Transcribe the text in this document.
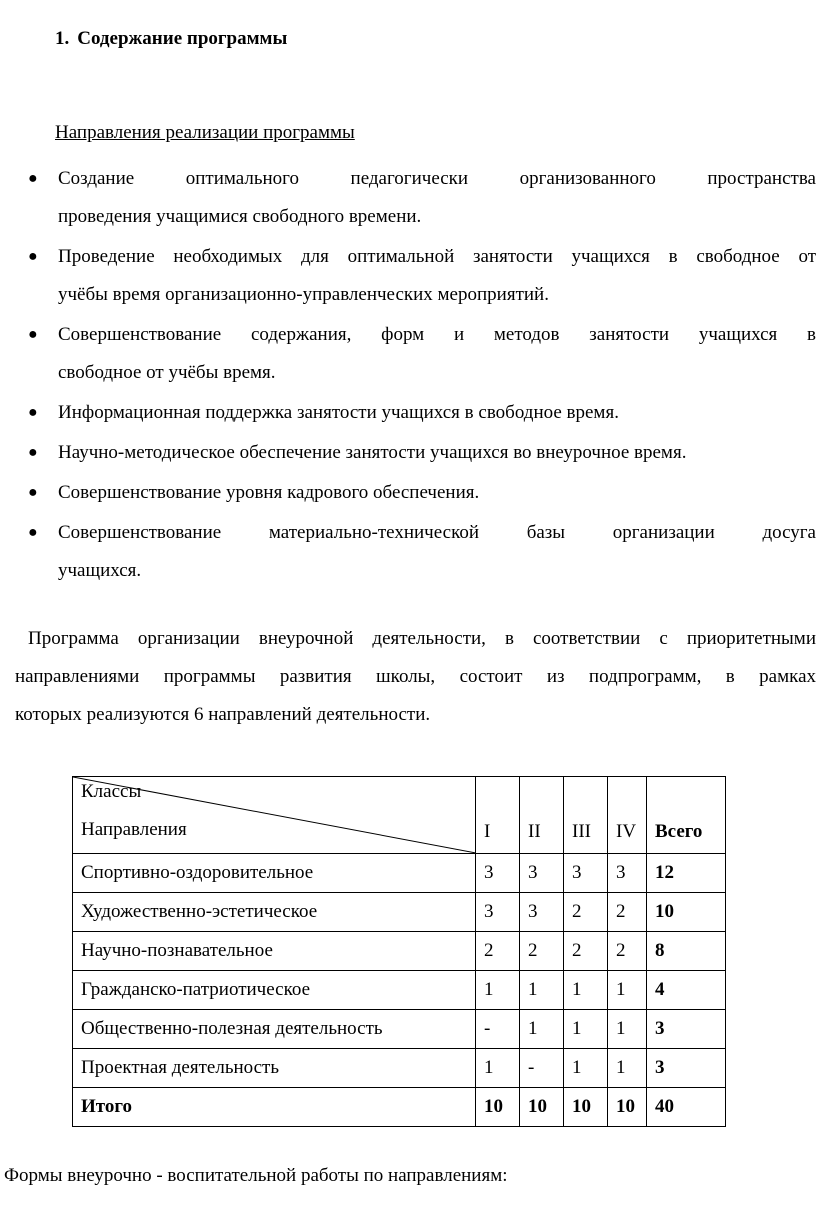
1. Содержание программы
Направления реализации программы
● Создание оптимального педагогически организованного пространства
проведения учащимися свободного времени.
● Проведение необходимых для оптимальной занятости учащихся в свободное от
учёбы время организационно-управленческих мероприятий.
● Совершенствование содержания, форм и методов занятости учащихся в
свободное от учёбы время.
● Информационная поддержка занятости учащихся в свободное время.
● Научно-методическое обеспечение занятости учащихся во внеурочное время.
● Совершенствование уровня кадрового обеспечения.
● Совершенствование материально-технической базы организации досуга
учащихся.
Программа организации внеурочной деятельности, в соответствии с приоритетными
направлениями программы развития школы, состоит из подпрограмм, в рамках
которых реализуются 6 направлений деятельности.
Классы
Направления	I	II	III	IV	Всего
Спортивно-оздоровительное	3	3	3	3	12
Художественно-эстетическое	3	3	2	2	10
Научно-познавательное	2	2	2	2	8
Гражданско-патриотическое	1	1	1	1	4
Общественно-полезная деятельность	-	1	1	1	3
Проектная деятельность	1	-	1	1	3
Итого	10	10	10	10	40
Формы внеурочно - воспитательной работы по направлениям:
